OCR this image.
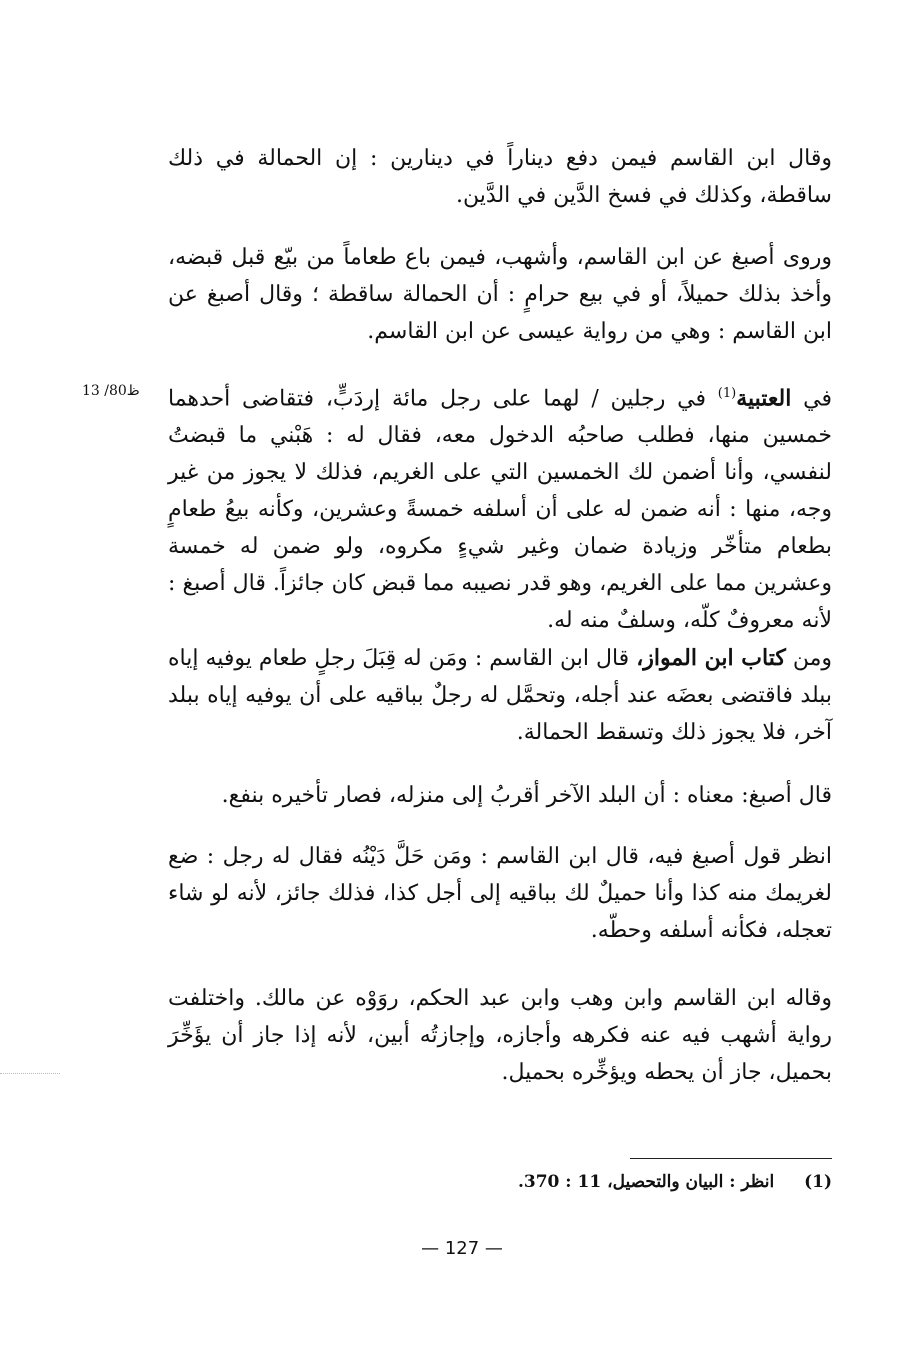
وقال ابن القاسم فيمن دفع ديناراً في دينارين : إن الحمالة في ذلك ساقطة، وكذلك في فسخ الدَّين في الدَّين.

وروى أصبغ عن ابن القاسم، وأشهب، فيمن باع طعاماً من بيّع قبل قبضه، وأخذ بذلك حميلاً، أو في بيع حرامٍ : أن الحمالة ساقطة ؛ وقال أصبغ عن ابن القاسم : وهي من رواية عيسى عن ابن القاسم.

في العتبية$^{(1)}$ في رجلين / لهما على رجل مائة إردَبٍّ، فتقاضى أحدهما خمسين منها، فطلب صاحبُه الدخول معه، فقال له : هَبْني ما قبضتُ لنفسي، وأنا أضمن لك الخمسين التي على الغريم، فذلك لا يجوز من غير وجه، منها : أنه ضمن له على أن أسلفه خمسةً وعشرين، وكأنه بيعُ طعامٍ بطعام متأخّر وزيادة ضمان وغير شيءٍ مكروه، ولو ضمن له خمسة وعشرين مما على الغريم، وهو قدر نصيبه مما قبض كان جائزاً. قال أصبغ : لأنه معروفٌ كلّه، وسلفٌ منه له.

13 /80ظ

ومن كتاب ابن المواز، قال ابن القاسم : ومَن له قِبَلَ رجلٍ طعام يوفيه إياه ببلد فاقتضى بعضَه عند أجله، وتحمَّل له رجلٌ بباقيه على أن يوفيه إياه ببلد آخر، فلا يجوز ذلك وتسقط الحمالة.

قال أصبغ: معناه : أن البلد الآخر أقربُ إلى منزله، فصار تأخيره بنفع.

انظر قول أصبغ فيه، قال ابن القاسم : ومَن حَلَّ دَيْنُه فقال له رجل : ضع لغريمك منه كذا وأنا حميلٌ لك بباقيه إلى أجل كذا، فذلك جائز، لأنه لو شاء تعجله، فكأنه أسلفه وحطّه.

وقاله ابن القاسم وابن وهب وابن عبد الحكم، روَوْه عن مالك. واختلفت رواية أشهب فيه عنه فكرهه وأجازه، وإجازتُه أبين، لأنه إذا جاز أن يؤَخِّرَ بحميل، جاز أن يحطه ويؤخِّره بحميل.

(1)  انظر : البيان والتحصيل، 11 : 370.
— 127 —
